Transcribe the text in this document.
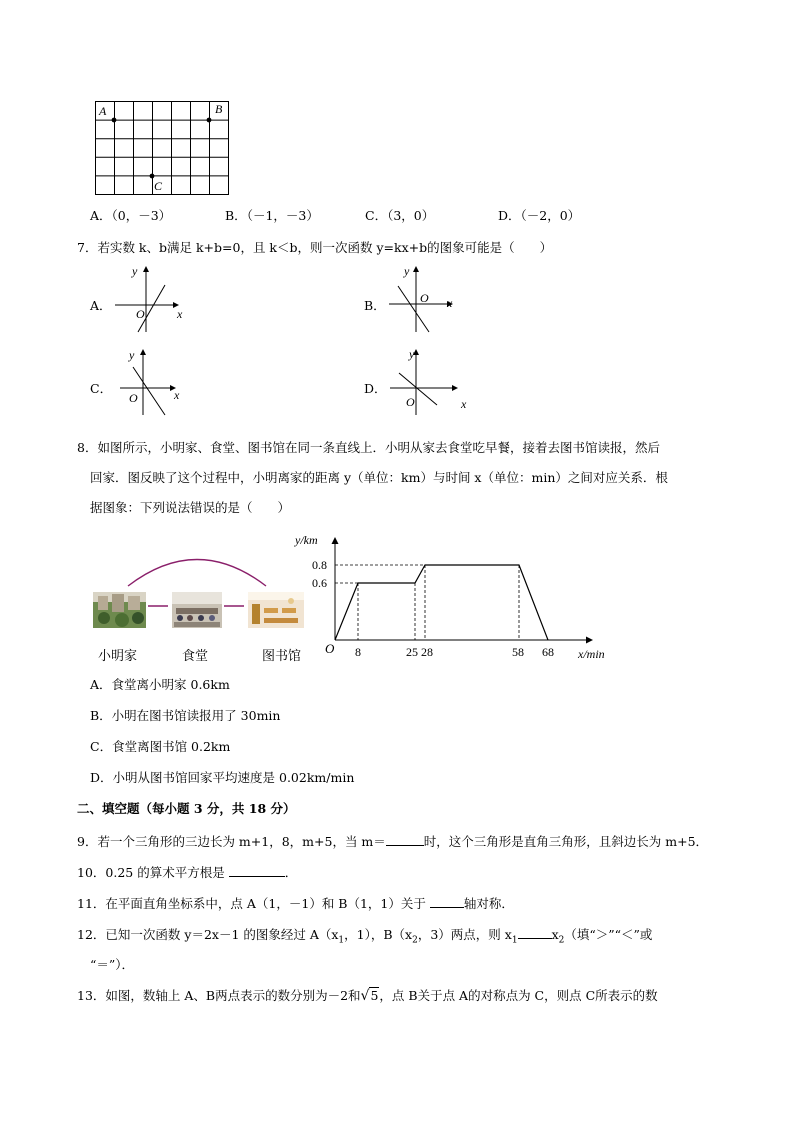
A	B
C
A．（0，－3）	B．（－1，－3）	C．（3，0）	D．（－2，0）
7．若实数 k、b满足 k+b=0，且 k＜b，则一次函数 y=kx+b的图象可能是（　　）
A．	B．
C．	D．
y
x
O
y
x
O
y
x
O
y
x
O
8．如图所示，小明家、食堂、图书馆在同一条直线上．小明从家去食堂吃早餐，接着去图书馆读报，然后
回家．图反映了这个过程中，小明离家的距离 y（单位：km）与时间 x（单位：min）之间对应关系．根
据图象：下列说法错误的是（　　）
小明家	食堂	图书馆
y/km
x/min
O
0.8
0.6
8	25 28	58 68
A．食堂离小明家 0.6km
B．小明在图书馆读报用了 30min
C．食堂离图书馆 0.2km
D．小明从图书馆回家平均速度是 0.02km/min
二、填空题（每小题 3 分，共 18 分）
9．若一个三角形的三边长为 m+1，8，m+5，当 m＝	时，这个三角形是直角三角形，且斜边长为 m+5．
10．0.25 的算术平方根是	．
11．在平面直角坐标系中，点 A（1，－1）和 B（1，1）关于	轴对称．
12．已知一次函数 y＝2x－1 的图象经过 $A(x_1$，1），$B(x_2$，3）两点，则 $x_1$	$x_2$（填“＞”“＜”或
“＝”）．
13．如图，数轴上 A、B两点表示的数分别为－2和√5，点 B关于点 A的对称点为 C，则点 C所表示的数
